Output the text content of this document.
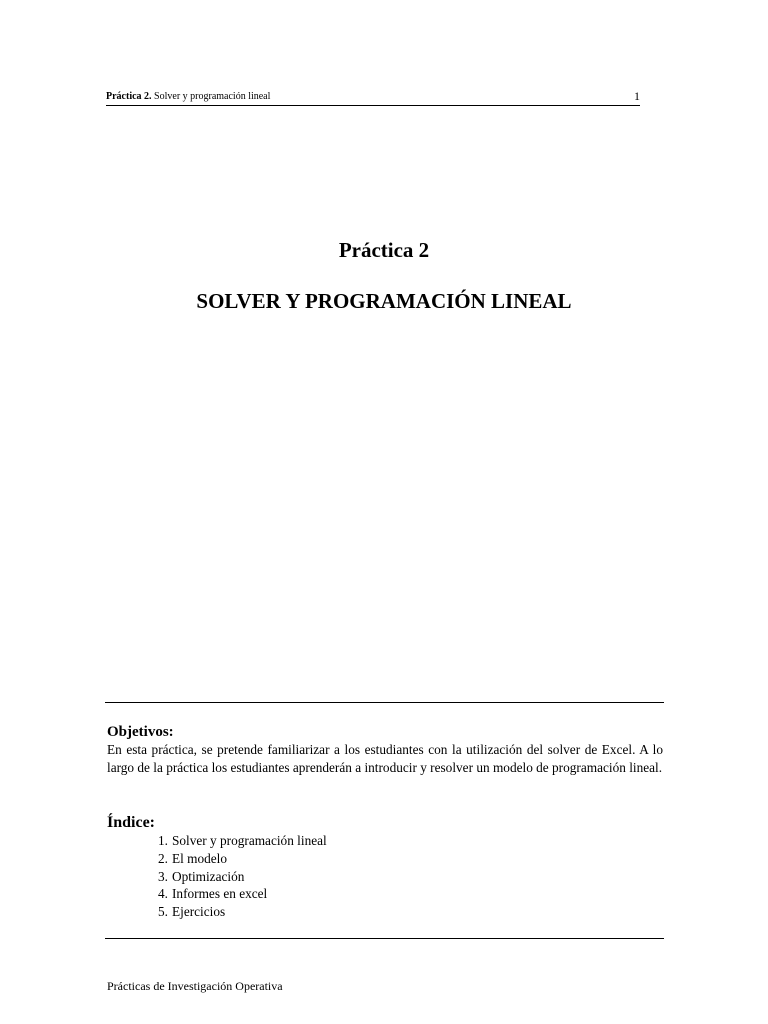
Práctica 2. Solver y programación lineal	1
Práctica 2
SOLVER Y PROGRAMACIÓN LINEAL
Objetivos:
En esta práctica, se pretende familiarizar a los estudiantes con la utilización del solver de Excel. A lo largo de la práctica los estudiantes aprenderán a introducir y resolver un modelo de programación lineal.
Índice:
1. Solver y programación lineal
2. El modelo
3. Optimización
4. Informes en excel
5. Ejercicios
Prácticas de Investigación Operativa
